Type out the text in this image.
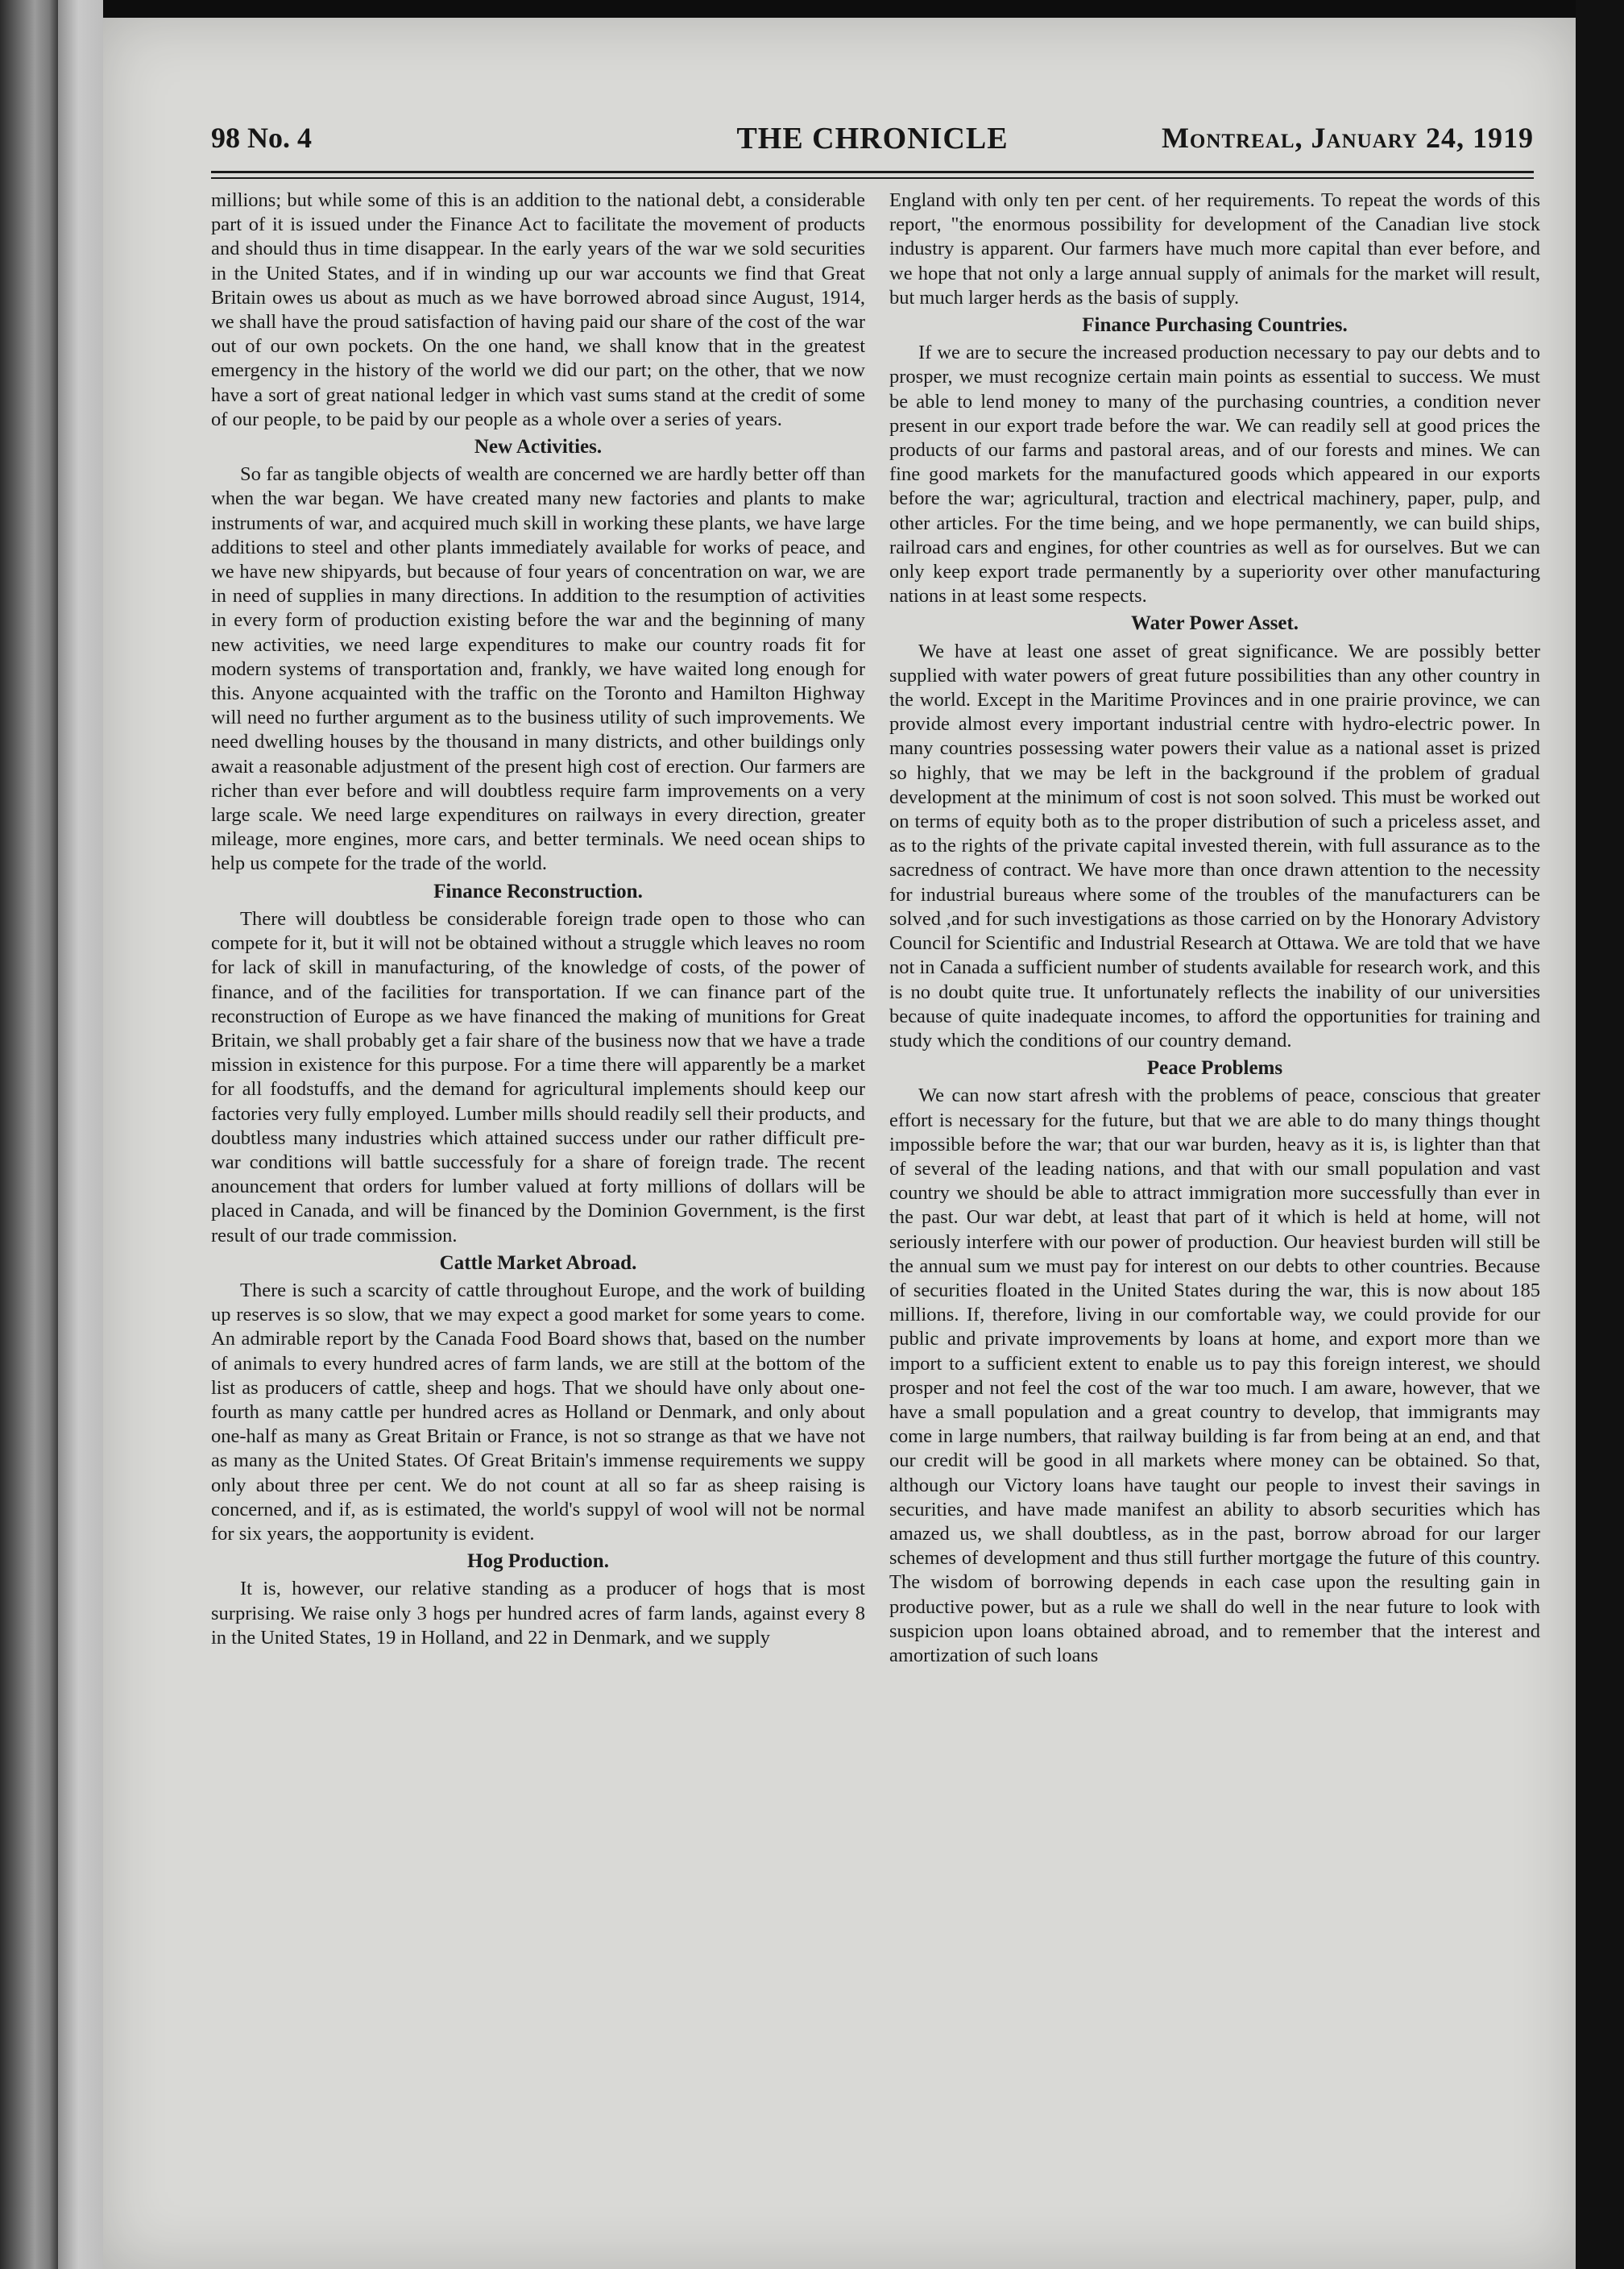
98 No. 4	THE CHRONICLE	Montreal, January 24, 1919

millions; but while some of this is an addition to the national debt, a considerable part of it is issued under the Finance Act to facilitate the movement of products and should thus in time disappear. In the early years of the war we sold securities in the United States, and if in winding up our war accounts we find that Great Britain owes us about as much as we have borrowed abroad since August, 1914, we shall have the proud satisfaction of having paid our share of the cost of the war out of our own pockets. On the one hand, we shall know that in the greatest emergency in the history of the world we did our part; on the other, that we now have a sort of great national ledger in which vast sums stand at the credit of some of our people, to be paid by our people as a whole over a series of years.

New Activities.

So far as tangible objects of wealth are concerned we are hardly better off than when the war began. We have created many new factories and plants to make instruments of war, and acquired much skill in working these plants, we have large additions to steel and other plants immediately available for works of peace, and we have new shipyards, but because of four years of concentration on war, we are in need of supplies in many directions. In addition to the resumption of activities in every form of production existing before the war and the beginning of many new activities, we need large expenditures to make our country roads fit for modern systems of transportation and, frankly, we have waited long enough for this. Anyone acquainted with the traffic on the Toronto and Hamilton Highway will need no further argument as to the business utility of such improvements. We need dwelling houses by the thousand in many districts, and other buildings only await a reasonable adjustment of the present high cost of erection. Our farmers are richer than ever before and will doubtless require farm improvements on a very large scale. We need large expenditures on railways in every direction, greater mileage, more engines, more cars, and better terminals. We need ocean ships to help us compete for the trade of the world.

Finance Reconstruction.

There will doubtless be considerable foreign trade open to those who can compete for it, but it will not be obtained without a struggle which leaves no room for lack of skill in manufacturing, of the knowledge of costs, of the power of finance, and of the facilities for transportation. If we can finance part of the reconstruction of Europe as we have financed the making of munitions for Great Britain, we shall probably get a fair share of the business now that we have a trade mission in existence for this purpose. For a time there will apparently be a market for all foodstuffs, and the demand for agricultural implements should keep our factories very fully employed. Lumber mills should readily sell their products, and doubtless many industries which attained success under our rather difficult pre-war conditions will battle successfuly for a share of foreign trade. The recent anouncement that orders for lumber valued at forty millions of dollars will be placed in Canada, and will be financed by the Dominion Government, is the first result of our trade commission.

Cattle Market Abroad.

There is such a scarcity of cattle throughout Europe, and the work of building up reserves is so slow, that we may expect a good market for some years to come. An admirable report by the Canada Food Board shows that, based on the number of animals to every hundred acres of farm lands, we are still at the bottom of the list as producers of cattle, sheep and hogs. That we should have only about one-fourth as many cattle per hundred acres as Holland or Denmark, and only about one-half as many as Great Britain or France, is not so strange as that we have not as many as the United States. Of Great Britain's immense requirements we suppy only about three per cent. We do not count at all so far as sheep raising is concerned, and if, as is estimated, the world's suppyl of wool will not be normal for six years, the aopportunity is evident.

Hog Production.

It is, however, our relative standing as a producer of hogs that is most surprising. We raise only 3 hogs per hundred acres of farm lands, against every 8 in the United States, 19 in Holland, and 22 in Denmark, and we supply

England with only ten per cent. of her requirements. To repeat the words of this report, "the enormous possibility for development of the Canadian live stock industry is apparent. Our farmers have much more capital than ever before, and we hope that not only a large annual supply of animals for the market will result, but much larger herds as the basis of supply.

Finance Purchasing Countries.

If we are to secure the increased production necessary to pay our debts and to prosper, we must recognize certain main points as essential to success. We must be able to lend money to many of the purchasing countries, a condition never present in our export trade before the war. We can readily sell at good prices the products of our farms and pastoral areas, and of our forests and mines. We can fine good markets for the manufactured goods which appeared in our exports before the war; agricultural, traction and electrical machinery, paper, pulp, and other articles. For the time being, and we hope permanently, we can build ships, railroad cars and engines, for other countries as well as for ourselves. But we can only keep export trade permanently by a superiority over other manufacturing nations in at least some respects.

Water Power Asset.

We have at least one asset of great significance. We are possibly better supplied with water powers of great future possibilities than any other country in the world. Except in the Maritime Provinces and in one prairie province, we can provide almost every important industrial centre with hydro-electric power. In many countries possessing water powers their value as a national asset is prized so highly, that we may be left in the background if the problem of gradual development at the minimum of cost is not soon solved. This must be worked out on terms of equity both as to the proper distribution of such a priceless asset, and as to the rights of the private capital invested therein, with full assurance as to the sacredness of contract. We have more than once drawn attention to the necessity for industrial bureaus where some of the troubles of the manufacturers can be solved ,and for such investigations as those carried on by the Honorary Advistory Council for Scientific and Industrial Research at Ottawa. We are told that we have not in Canada a sufficient number of students available for research work, and this is no doubt quite true. It unfortunately reflects the inability of our universities because of quite inadequate incomes, to afford the opportunities for training and study which the conditions of our country demand.

Peace Problems

We can now start afresh with the problems of peace, conscious that greater effort is necessary for the future, but that we are able to do many things thought impossible before the war; that our war burden, heavy as it is, is lighter than that of several of the leading nations, and that with our small population and vast country we should be able to attract immigration more successfully than ever in the past. Our war debt, at least that part of it which is held at home, will not seriously interfere with our power of production. Our heaviest burden will still be the annual sum we must pay for interest on our debts to other countries. Because of securities floated in the United States during the war, this is now about 185 millions. If, therefore, living in our comfortable way, we could provide for our public and private improvements by loans at home, and export more than we import to a sufficient extent to enable us to pay this foreign interest, we should prosper and not feel the cost of the war too much. I am aware, however, that we have a small population and a great country to develop, that immigrants may come in large numbers, that railway building is far from being at an end, and that our credit will be good in all markets where money can be obtained. So that, although our Victory loans have taught our people to invest their savings in securities, and have made manifest an ability to absorb securities which has amazed us, we shall doubtless, as in the past, borrow abroad for our larger schemes of development and thus still further mortgage the future of this country. The wisdom of borrowing depends in each case upon the resulting gain in productive power, but as a rule we shall do well in the near future to look with suspicion upon loans obtained abroad, and to remember that the interest and amortization of such loans
